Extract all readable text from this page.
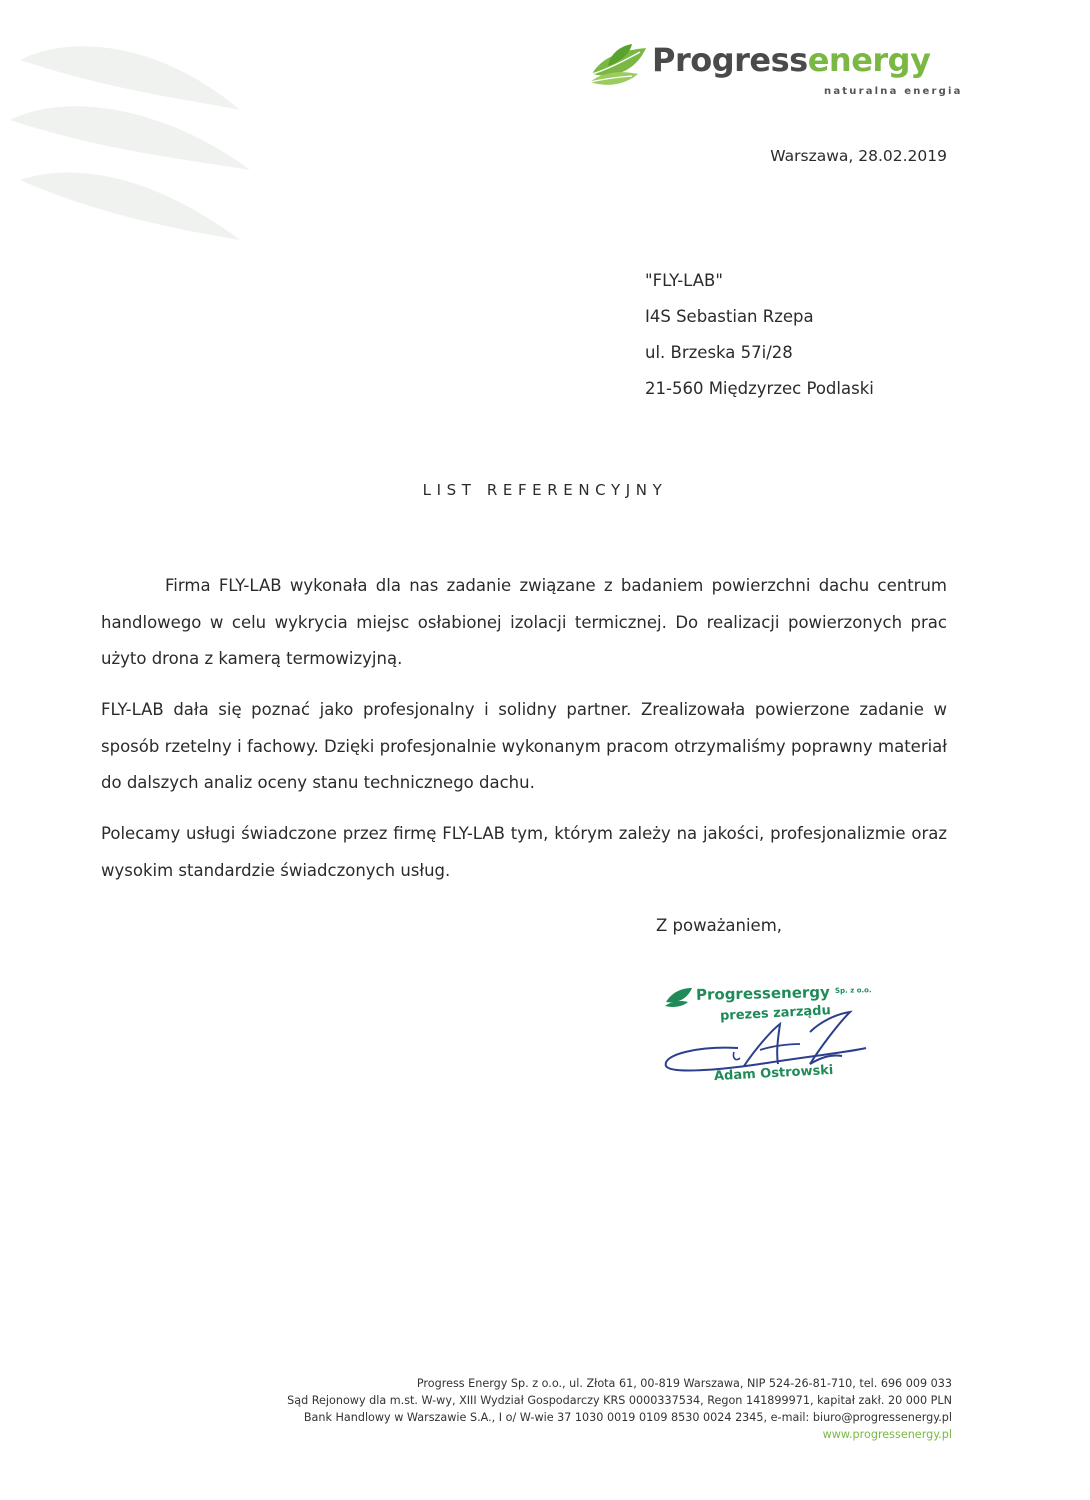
Progressenergy
naturalna energia
Warszawa, 28.02.2019
"FLY-LAB"
I4S Sebastian Rzepa
ul. Brzeska 57i/28
21-560 Międzyrzec Podlaski
LIST REFERENCYJNY
Firma FLY-LAB wykonała dla nas zadanie związane z badaniem powierzchni dachu centrum handlowego w celu wykrycia miejsc osłabionej izolacji termicznej. Do realizacji powierzonych prac użyto drona z kamerą termowizyjną.
FLY-LAB dała się poznać jako profesjonalny i solidny partner. Zrealizowała powierzone zadanie w sposób rzetelny i fachowy. Dzięki profesjonalnie wykonanym pracom otrzymaliśmy poprawny materiał do dalszych analiz oceny stanu technicznego dachu.
Polecamy usługi świadczone przez firmę FLY-LAB tym, którym zależy na jakości, profesjonalizmie oraz wysokim standardzie świadczonych usług.
Z poważaniem,
Progressenergy $^{Sp. z o.o.}$
prezes zarządu
Adam Ostrowski
Progress Energy Sp. z o.o., ul. Złota 61, 00-819 Warszawa, NIP 524-26-81-710, tel. 696 009 033
Sąd Rejonowy dla m.st. W-wy, XIII Wydział Gospodarczy KRS 0000337534, Regon 141899971, kapitał zakł. 20 000 PLN
Bank Handlowy w Warszawie S.A., I o/ W-wie 37 1030 0019 0109 8530 0024 2345, e-mail: biuro@progressenergy.pl
www.progressenergy.pl
